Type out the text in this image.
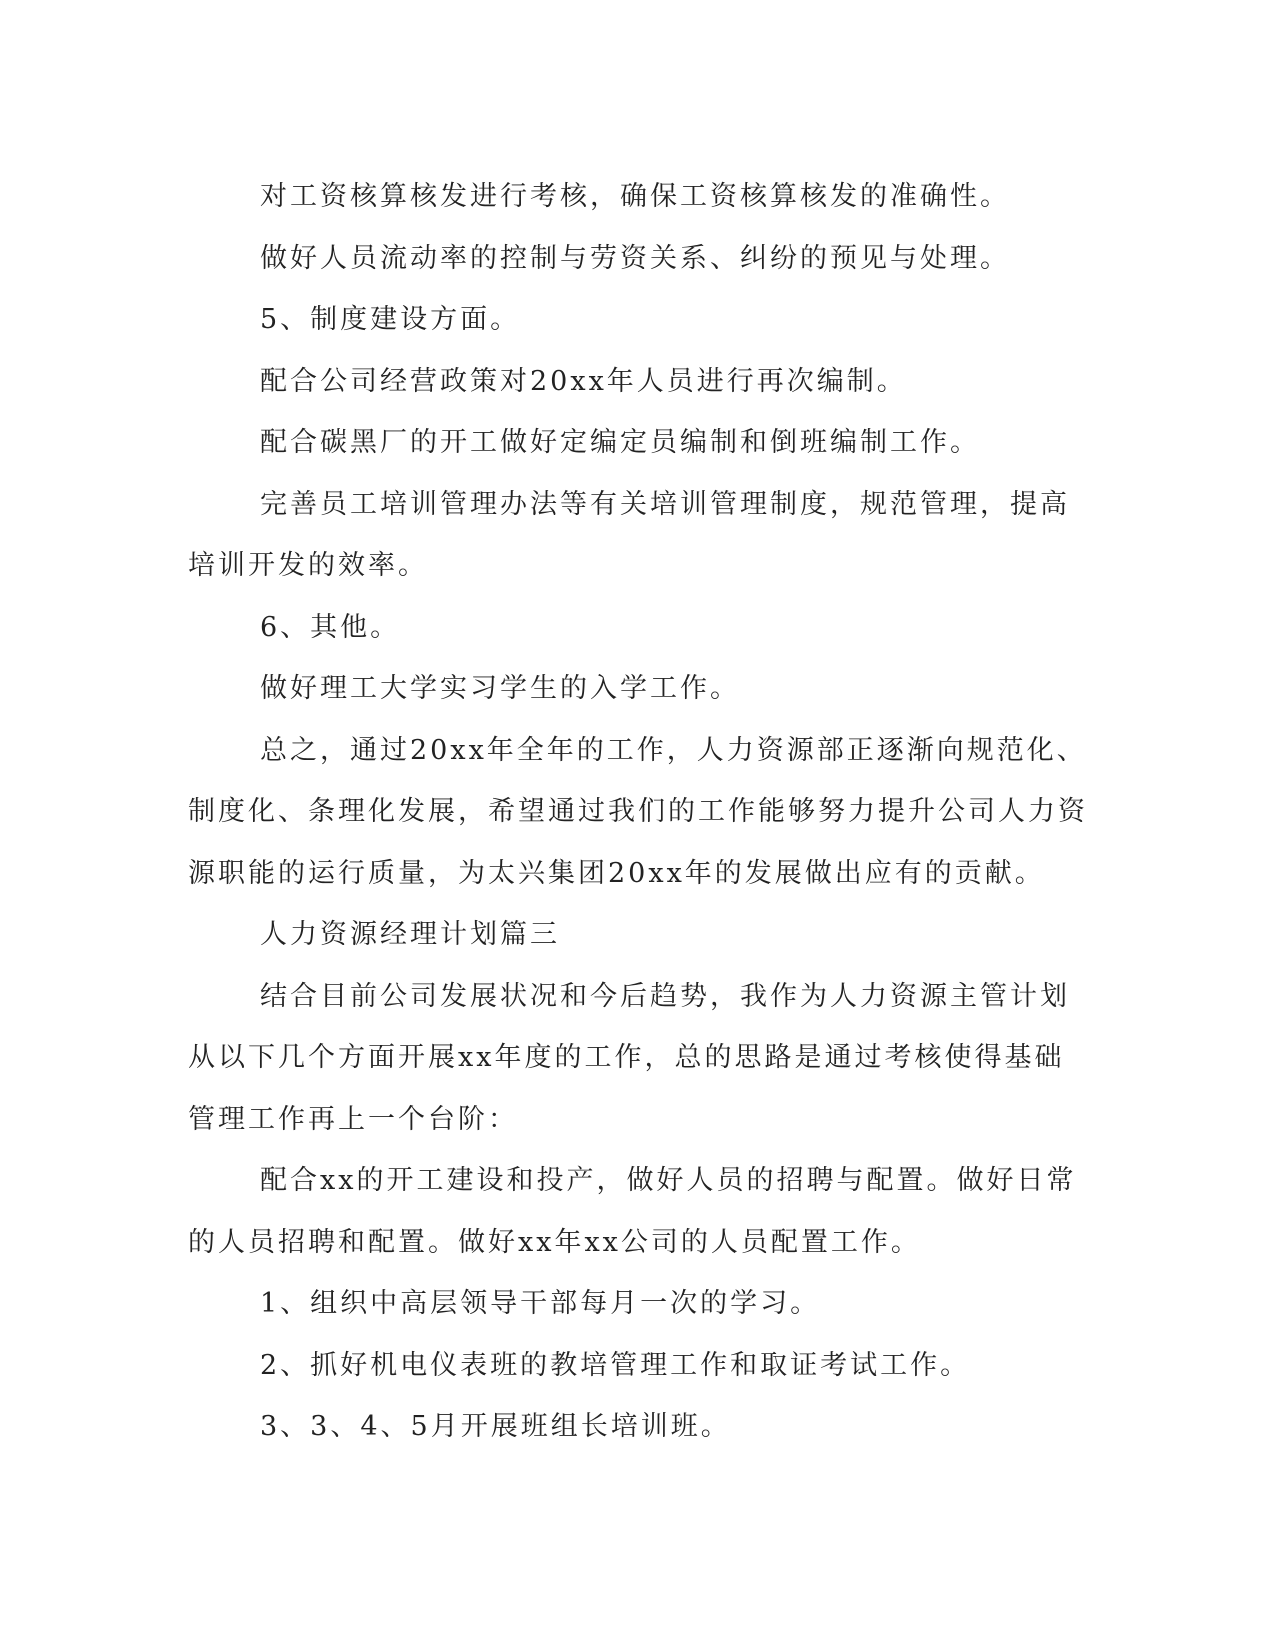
对工资核算核发进行考核，确保工资核算核发的准确性。

做好人员流动率的控制与劳资关系、纠纷的预见与处理。

5、制度建设方面。

配合公司经营政策对20xx年人员进行再次编制。

配合碳黑厂的开工做好定编定员编制和倒班编制工作。

完善员工培训管理办法等有关培训管理制度，规范管理，提高培训开发的效率。

6、其他。

做好理工大学实习学生的入学工作。

总之，通过20xx年全年的工作，人力资源部正逐渐向规范化、制度化、条理化发展，希望通过我们的工作能够努力提升公司人力资源职能的运行质量，为太兴集团20xx年的发展做出应有的贡献。

人力资源经理计划篇三

结合目前公司发展状况和今后趋势，我作为人力资源主管计划从以下几个方面开展xx年度的工作，总的思路是通过考核使得基础管理工作再上一个台阶：

配合xx的开工建设和投产，做好人员的招聘与配置。做好日常的人员招聘和配置。做好xx年xx公司的人员配置工作。

1、组织中高层领导干部每月一次的学习。

2、抓好机电仪表班的教培管理工作和取证考试工作。

3、3、4、5月开展班组长培训班。
